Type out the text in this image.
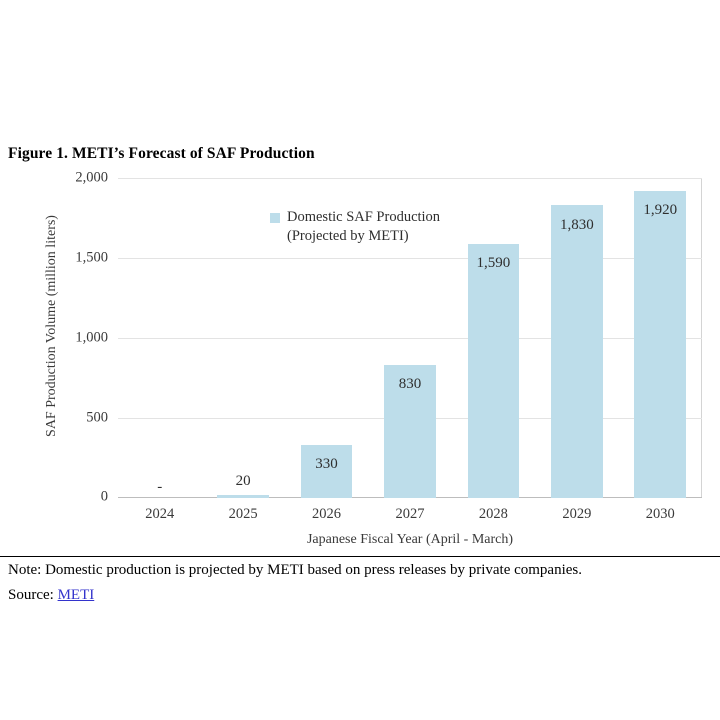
Figure 1. METI’s Forecast of SAF Production
SAF Production Volume (million liters)
2,000
1,500
1,000
500
0
-	20
330
830
1,590
1,830
1,920
Domestic SAF Production
(Projected by METI)
2024	2025	2026	2027	2028	2029	2030
Japanese Fiscal Year (April - March)
Note: Domestic production is projected by METI based on press releases by private companies.
Source: METI
